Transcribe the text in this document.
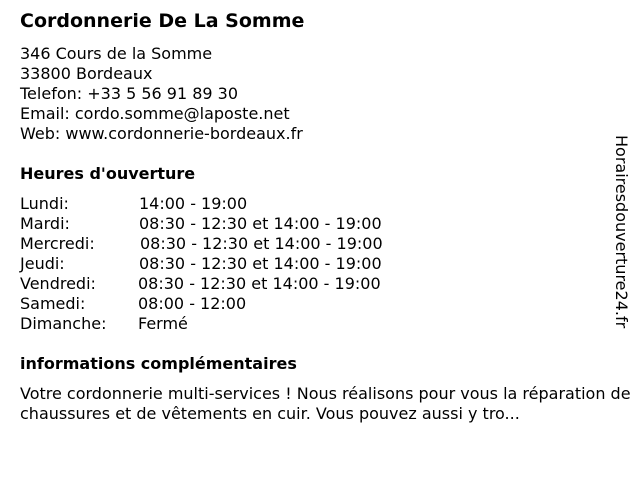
Cordonnerie De La Somme
346 Cours de la Somme
33800 Bordeaux
Telefon: +33 5 56 91 89 30
Email: cordo.somme@laposte.net
Web: www.cordonnerie-bordeaux.fr
Heures d'ouverture
Lundi:	14:00 - 19:00
Mardi:	08:30 - 12:30 et 14:00 - 19:00
Mercredi:	08:30 - 12:30 et 14:00 - 19:00
Jeudi:	08:30 - 12:30 et 14:00 - 19:00
Vendredi:	08:30 - 12:30 et 14:00 - 19:00
Samedi:	08:00 - 12:00
Dimanche: Fermé
informations complémentaires
Votre cordonnerie multi-services ! Nous réalisons pour vous la réparation de chaussures et de vêtements en cuir. Vous pouvez aussi y tro...
Horairesdouverture24.fr
